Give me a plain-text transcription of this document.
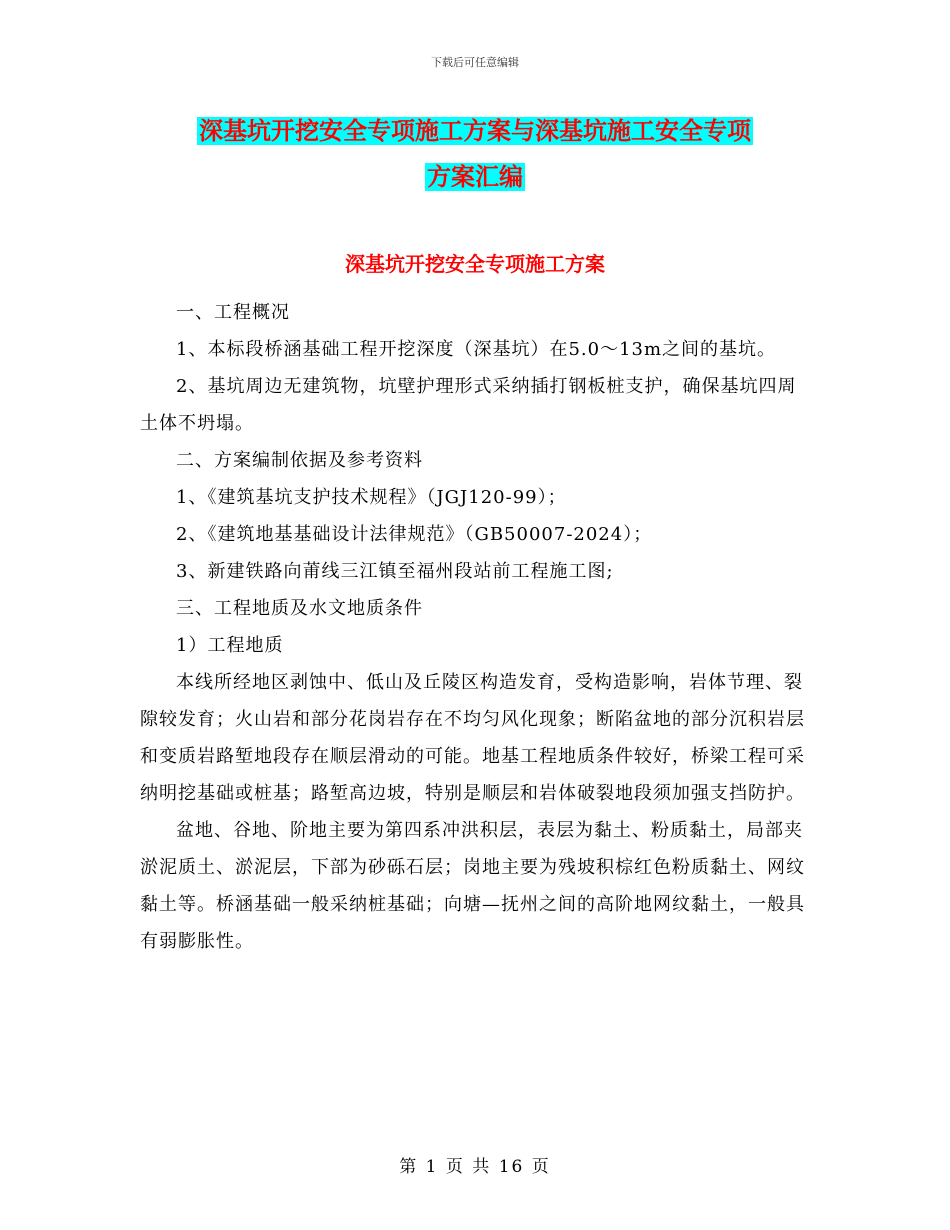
下载后可任意编辑
深基坑开挖安全专项施工方案与深基坑施工安全专项
方案汇编
深基坑开挖安全专项施工方案

一、工程概况

1、本标段桥涵基础工程开挖深度（深基坑）在5.0～13m之间的基坑。

2、基坑周边无建筑物，坑壁护理形式采纳插打钢板桩支护，确保基坑四周土体不坍塌。

二、方案编制依据及参考资料

1、《建筑基坑支护技术规程》（JGJ120-99）；

2、《建筑地基基础设计法律规范》（GB50007-2024）；

3、新建铁路向莆线三江镇至福州段站前工程施工图;

三、工程地质及水文地质条件

1）工程地质

本线所经地区剥蚀中、低山及丘陵区构造发育，受构造影响，岩体节理、裂隙较发育；火山岩和部分花岗岩存在不均匀风化现象；断陷盆地的部分沉积岩层和变质岩路堑地段存在顺层滑动的可能。地基工程地质条件较好，桥梁工程可采纳明挖基础或桩基；路堑高边坡，特别是顺层和岩体破裂地段须加强支挡防护。

盆地、谷地、阶地主要为第四系冲洪积层，表层为黏土、粉质黏土，局部夹淤泥质土、淤泥层，下部为砂砾石层；岗地主要为残坡积棕红色粉质黏土、网纹黏土等。桥涵基础一般采纳桩基础；向塘—抚州之间的高阶地网纹黏土，一般具有弱膨胀性。

第 1 页 共 16 页
